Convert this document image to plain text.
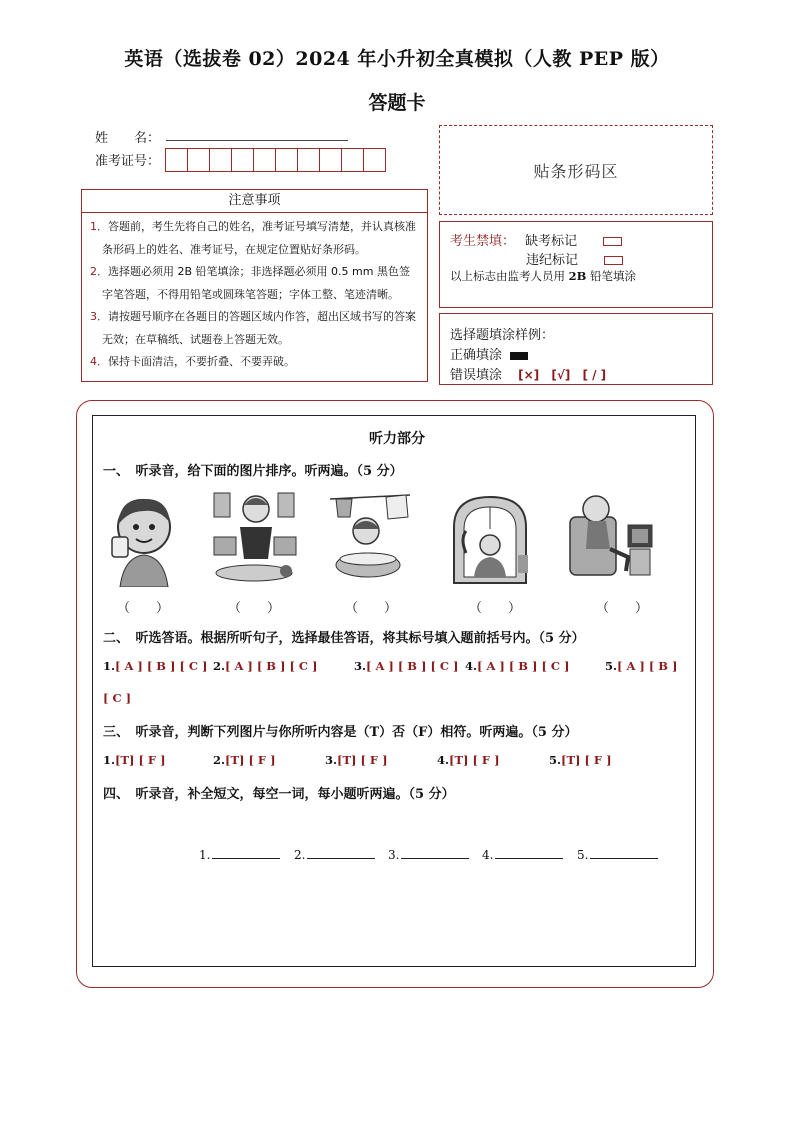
英语（选拔卷 02）2024 年小升初全真模拟（人教 PEP 版）
答题卡
姓　　名：
准考证号：	贴条形码区
注意事项

1．答题前，考生先将自己的姓名，准考证号填写清楚，并认真核准条形码上的姓名、准考证号，在规定位置贴好条形码。

2．选择题必须用 2B 铅笔填涂；非选择题必须用 0.5 mm 黑色签字笔答题，不得用铅笔或圆珠笔答题；字体工整、笔迹清晰。

3．请按题号顺序在各题目的答题区域内作答，超出区域书写的答案无效；在草稿纸、试题卷上答题无效。

4．保持卡面清洁，不要折叠、不要弄破。

考生禁填： 缺考标记
违纪标记
以上标志由监考人员用 2B 铅笔填涂
选择题填涂样例：
正确填涂
错误填涂 [×] [√] [ / ]
听力部分
一、　听录音，给下面的图片排序。听两遍。（5 分）
（　　）	（　　）	（　　）	（　　）	（　　）
二、　听选答语。根据所听句子，选择最佳答语，将其标号填入题前括号内。（5 分）
1.[ A ] [ B ] [ C ] 2.[ A ] [ B ] [ C ]	3.[ A ] [ B ] [ C ] 4.[ A ] [ B ] [ C ]	5.[ A ] [ B ]
[ C ]
三、　听录音，判断下列图片与你所听内容是（T）否（F）相符。听两遍。（5 分）
1.[T] [ F ]	2.[T] [ F ]	3.[T] [ F ]	4.[T] [ F ]	5.[T] [ F ]
四、　听录音，补全短文，每空一词，每小题听两遍。（5 分）
1.	2.	3.	4.	5.
